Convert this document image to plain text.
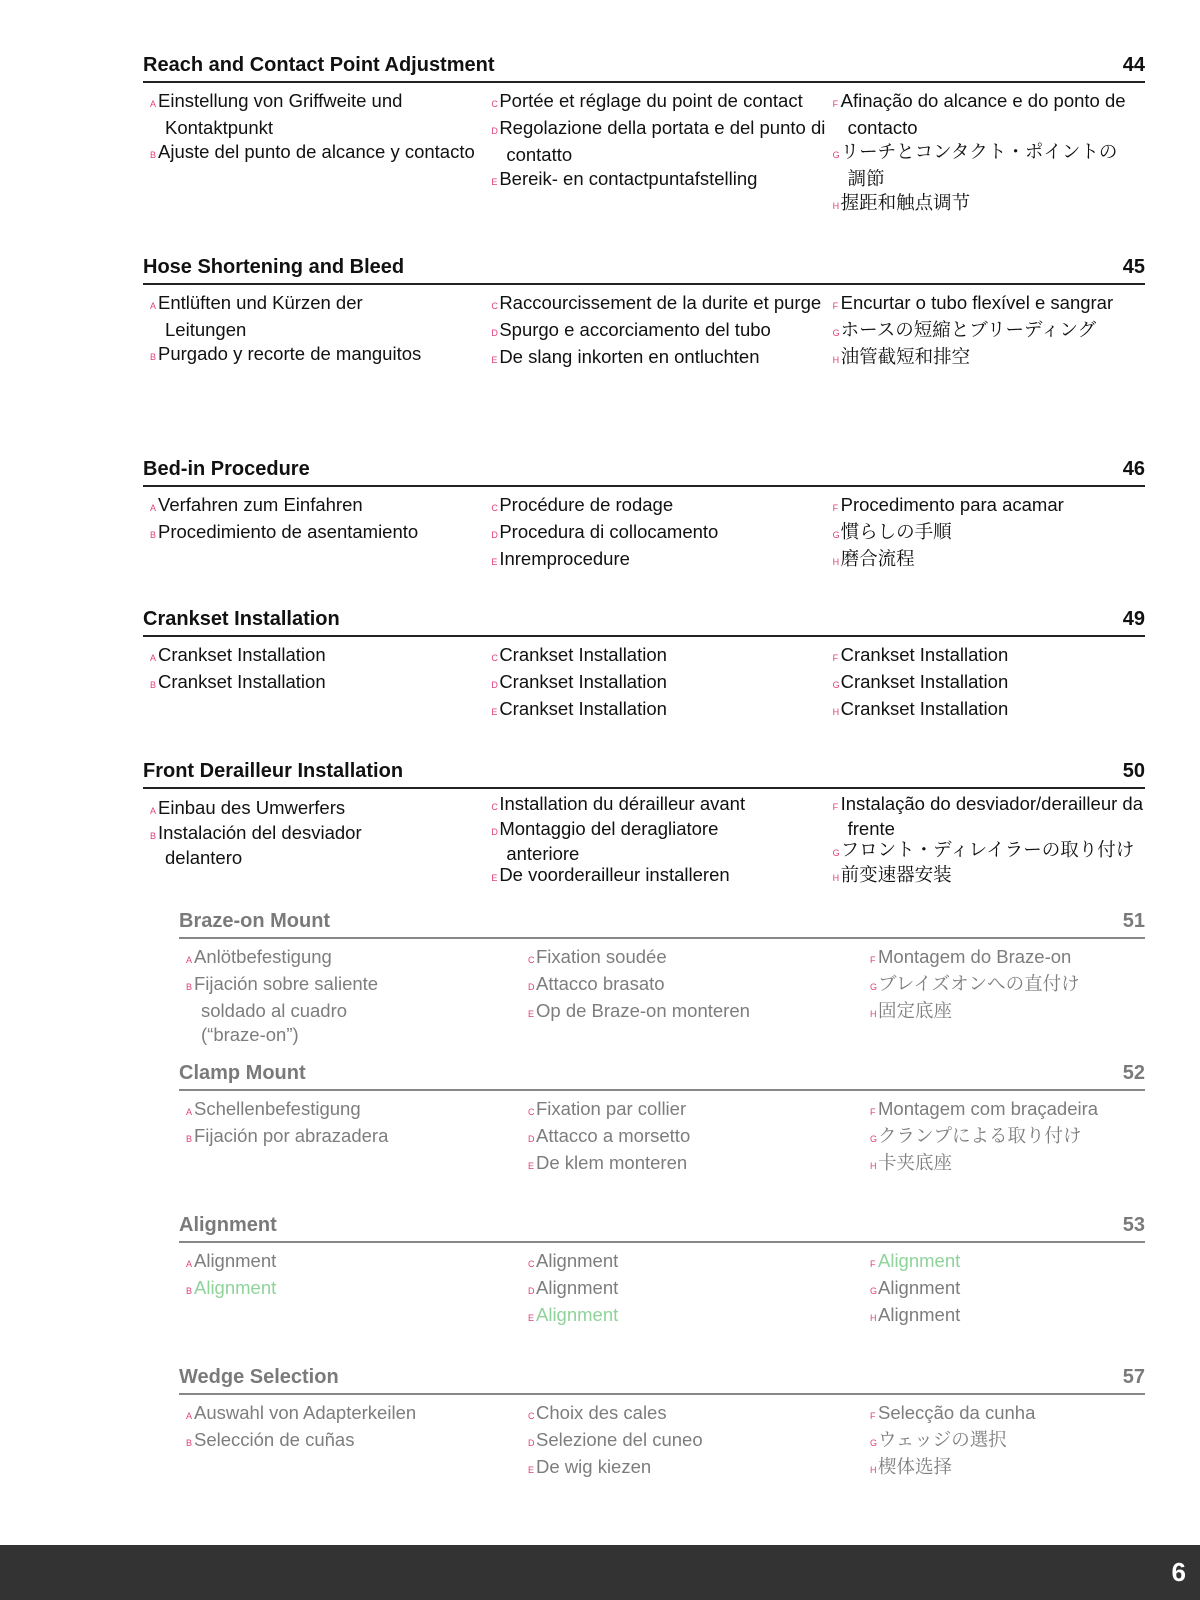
Reach and Contact Point Adjustment	44
A Einstellung von Griffweite und Kontaktpunkt
B Ajuste del punto de alcance y contacto
CPortée et réglage du point de contact
DRegolazione della portata e del punto di contatto
E Bereik- en contactpuntafstelling
F Afinação do alcance e do ponto de contacto
Gリーチとコンタクト・ポイントの調節
H握距和触点调节
Hose Shortening and Bleed	45
A Entlüften und Kürzen der Leitungen
B Purgado y recorte de manguitos
CRaccourcissement de la durite et purge
DSpurgo e accorciamento del tubo
E De slang inkorten en ontluchten
F Encurtar o tubo flexível e sangrar
Gホースの短縮とブリーディング
H油管截短和排空
Bed-in Procedure	46
A Verfahren zum Einfahren
B Procedimiento de asentamiento
CProcédure de rodage
DProcedura di collocamento
E Inremprocedure
F Procedimento para acamar
G慣らしの手順
H磨合流程
Crankset Installation	49
A Crankset Installation
B Crankset Installation
CCrankset Installation
DCrankset Installation
E Crankset Installation
F Crankset Installation
GCrankset Installation
HCrankset Installation
Front Derailleur Installation	50
A Einbau des Umwerfers
B Instalación del desviador delantero
CInstallation du dérailleur avant
DMontaggio del deragliatore anteriore
E De voorderailleur installeren
F Instalação do desviador/derailleur da frente
Gフロント・ディレイラーの取り付け
H前变速器安装
Braze-on Mount	51
A Anlötbefestigung
B Fijación sobre saliente soldado al cuadro (“braze-on”)
CFixation soudée
DAttacco brasato
E Op de Braze-on monteren
F Montagem do Braze-on
Gブレイズオンへの直付け
H固定底座
Clamp Mount	52
A Schellenbefestigung
B Fijación por abrazadera
CFixation par collier
DAttacco a morsetto
E De klem monteren
F Montagem com braçadeira
Gクランプによる取り付け
H卡夹底座
Alignment	53
A Alignment
B Alignment
CAlignment
DAlignment
E Alignment
F Alignment
GAlignment
HAlignment
Wedge Selection	57
A Auswahl von Adapterkeilen
B Selección de cuñas
CChoix des cales
DSelezione del cuneo
E De wig kiezen
F Selecção da cunha
Gウェッジの選択
H楔体选择
6
